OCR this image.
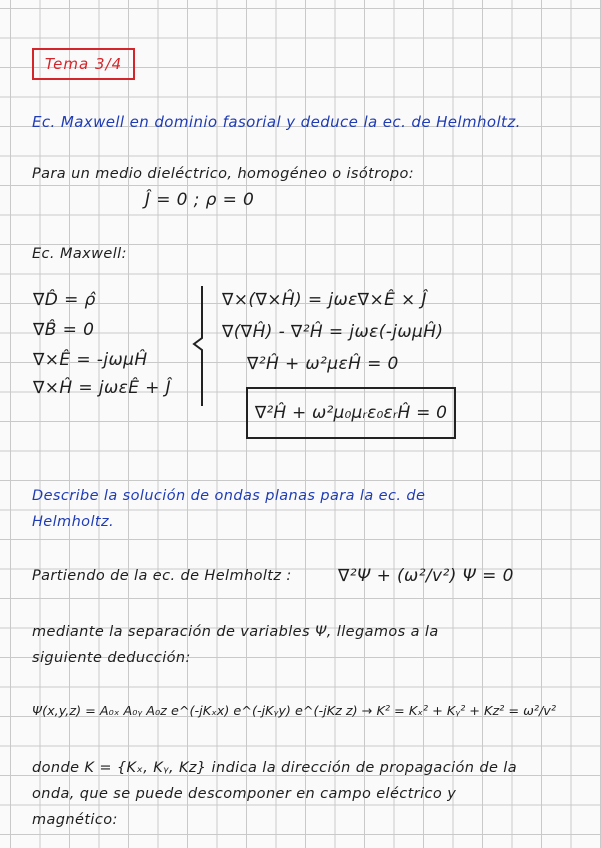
Tema 3/4
Ec. Maxwell en dominio fasorial y deduce la ec. de Helmholtz.
Para un medio dieléctrico, homogéneo o isótropo:
Ĵ = 0 ; ρ = 0
Ec. Maxwell:
∇D̂ = ρ̂
∇B̂ = 0
∇×Ê = -jωμĤ
∇×Ĥ = jωεÊ + Ĵ
∇×(∇×Ĥ) = jωε∇×Ê × Ĵ
∇(∇Ĥ) - ∇²Ĥ = jωε(-jωμĤ)
∇²Ĥ + ω²μεĤ = 0
∇²Ĥ + ω²μ₀μᵣε₀εᵣĤ = 0
Describe la solución de ondas planas para la ec. de
Helmholtz.
Partiendo de la ec. de Helmholtz :	∇²Ψ + (ω²/v²) Ψ = 0
mediante la separación de variables Ψ, llegamos a la
siguiente deducción:
Ψ(x,y,z) = A₀ₓ A₀ᵧ A₀z e^(-jKₓx) e^(-jKᵧy) e^(-jKz z) → K² = Kₓ² + Kᵧ² + Kz² = ω²/v²
donde K = {Kₓ, Kᵧ, Kz} indica la dirección de propagación de la
onda, que se puede descomponer en campo eléctrico y
magnético:
